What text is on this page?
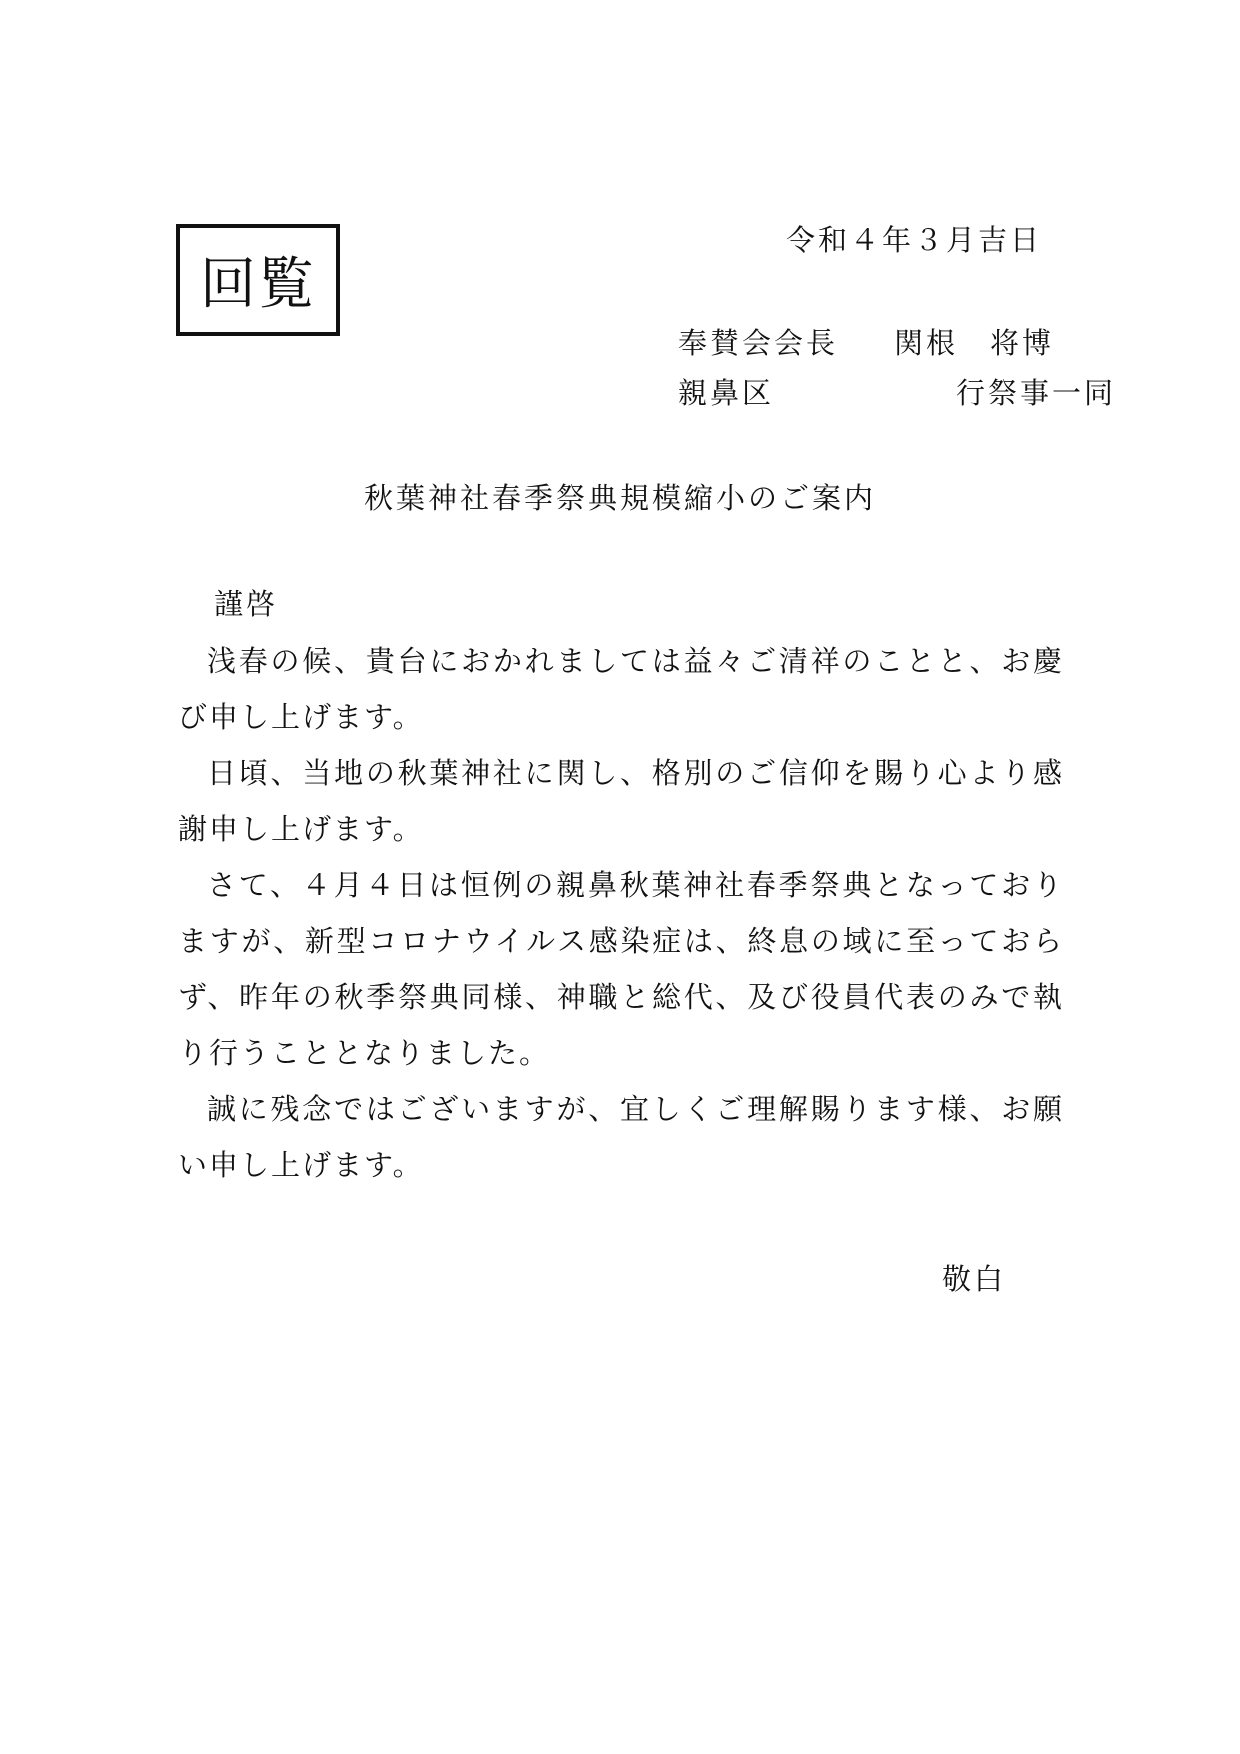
回覧
令和４年３月吉日
奉賛会会長	関根　将博
親鼻区	行祭事一同
秋葉神社春季祭典規模縮小のご案内
謹啓

浅春の候、貴台におかれましては益々ご清祥のことと、お慶び申し上げます。

日頃、当地の秋葉神社に関し、格別のご信仰を賜り心より感謝申し上げます。

さて、４月４日は恒例の親鼻秋葉神社春季祭典となっておりますが、新型コロナウイルス感染症は、終息の域に至っておらず、昨年の秋季祭典同様、神職と総代、及び役員代表のみで執り行うこととなりました。

誠に残念ではございますが、宜しくご理解賜ります様、お願い申し上げます。

敬白
